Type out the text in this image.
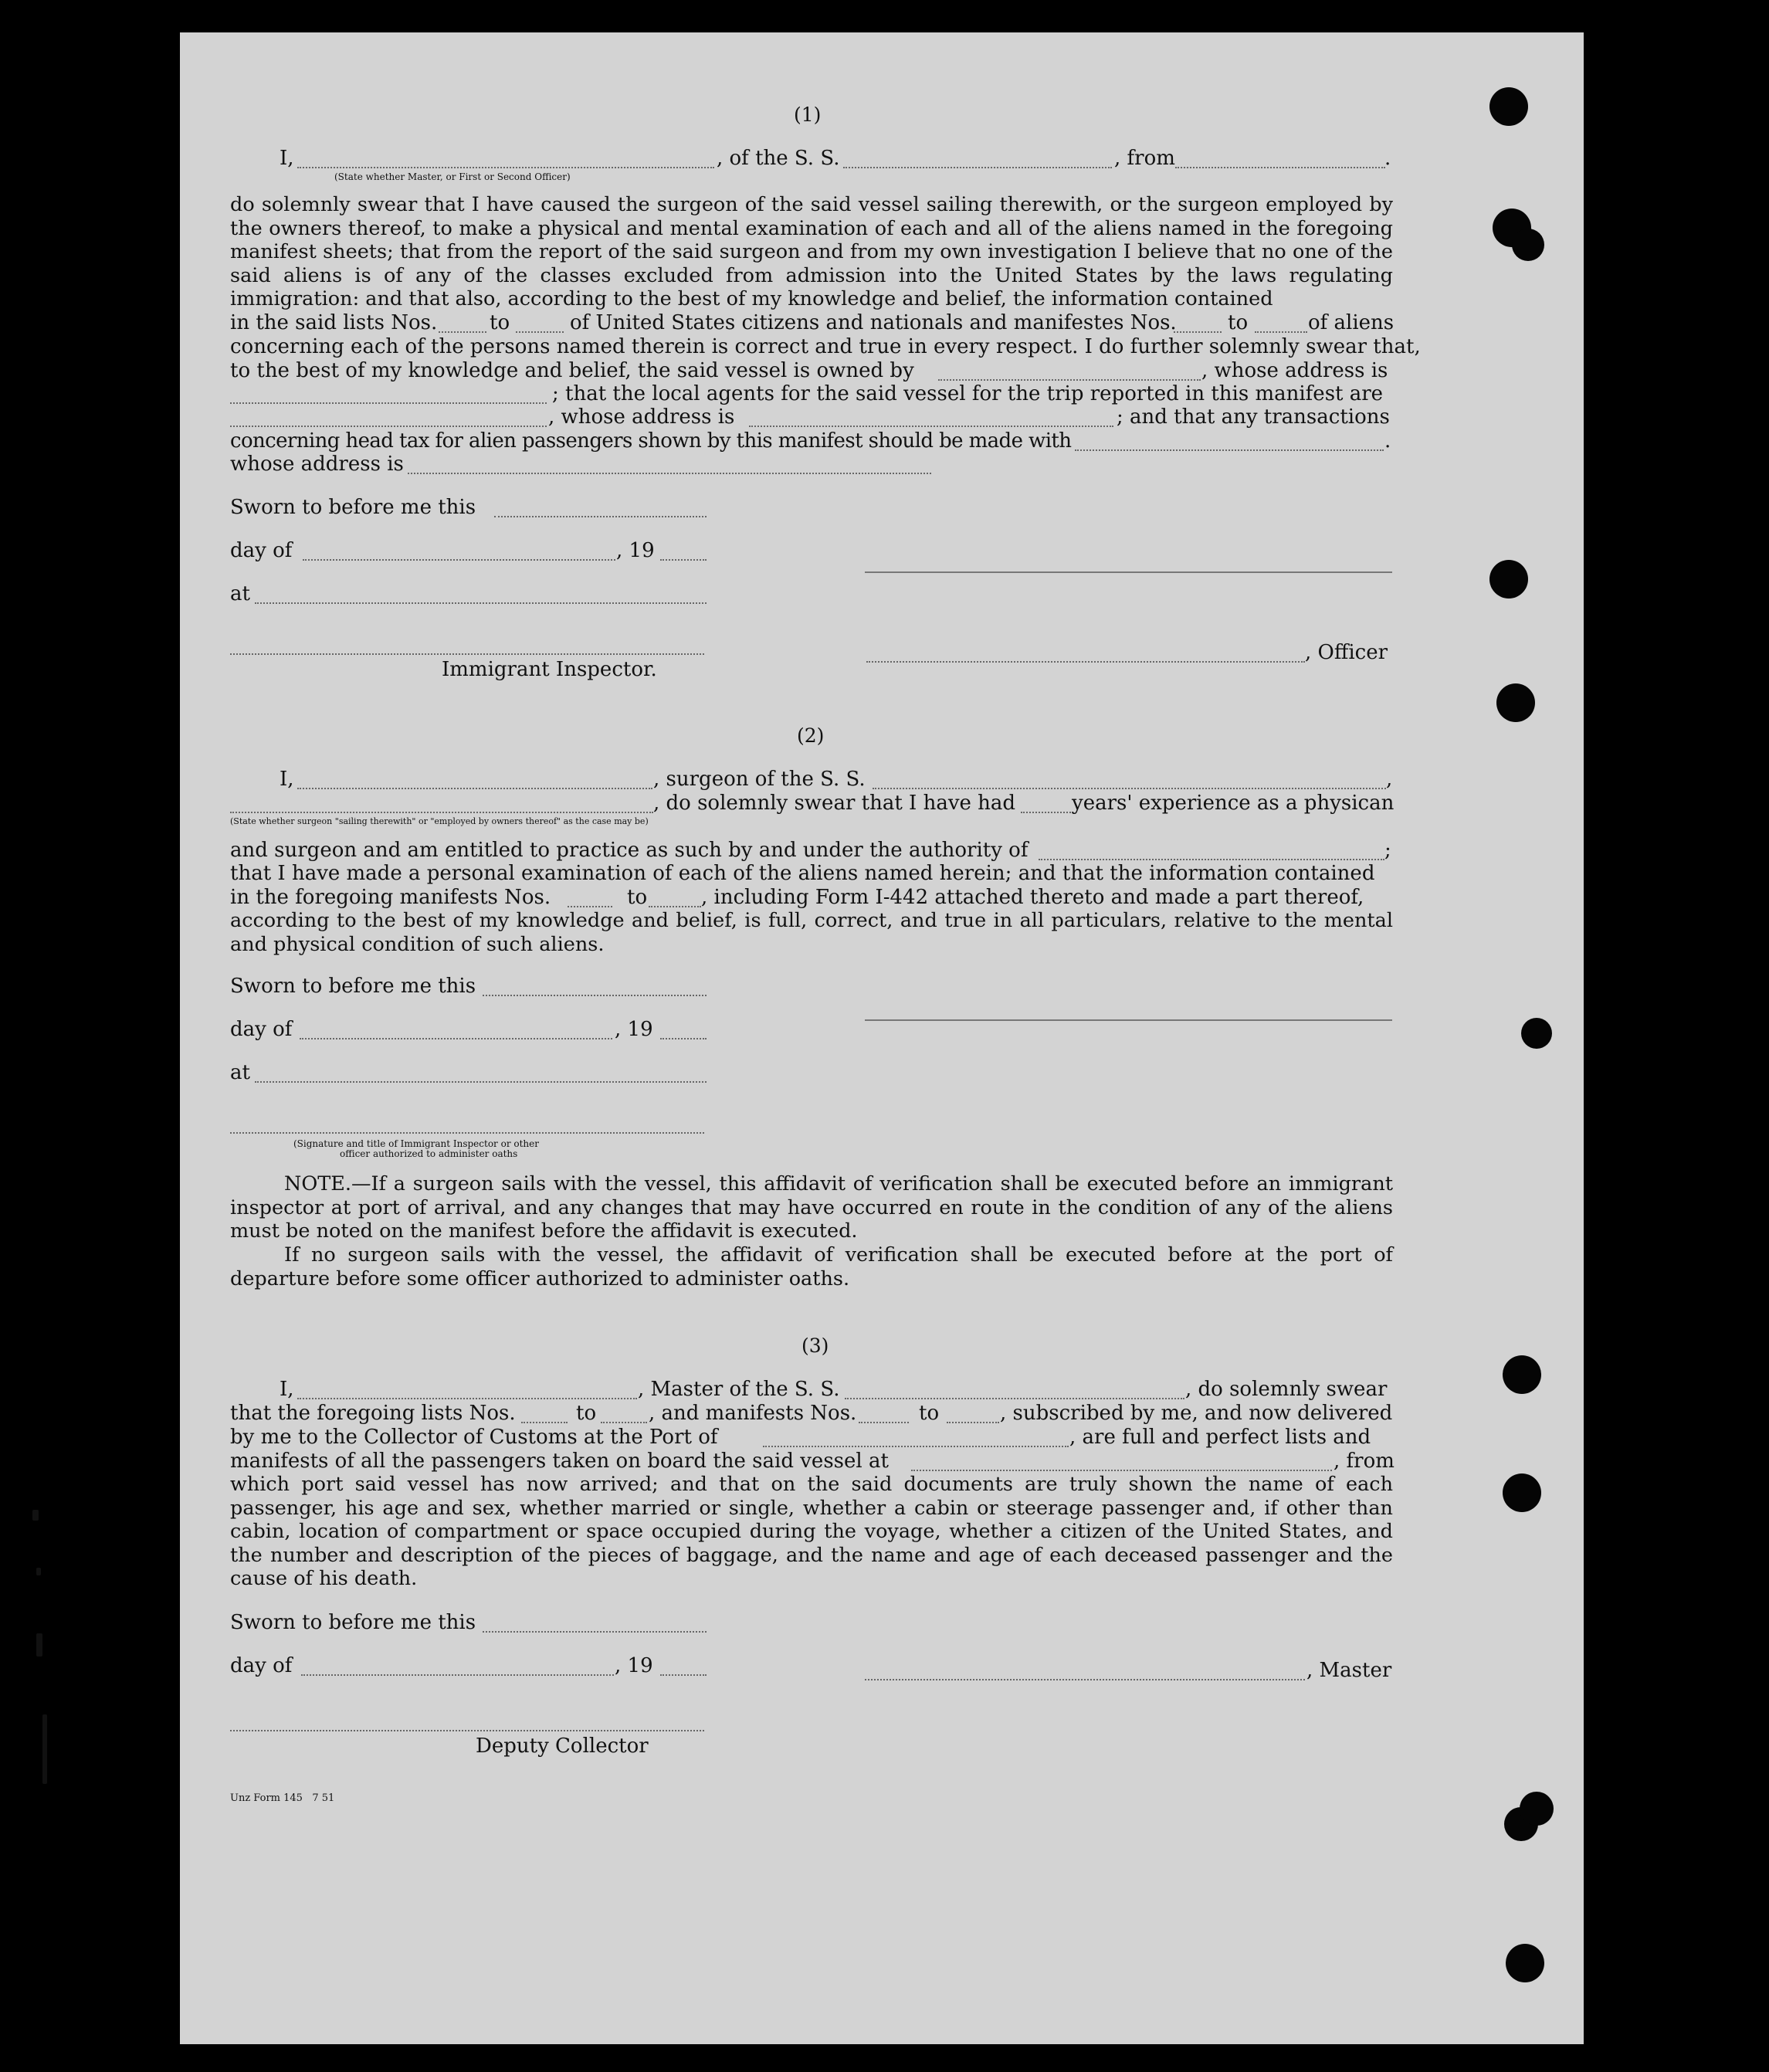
(1)
I,	, of the S. S.	, from	.
(State whether Master, or First or Second Officer)
do solemnly swear that I have caused the surgeon of the said vessel sailing therewith, or the surgeon employed by the owners thereof, to make a physical and mental examination of each and all of the aliens named in the foregoing manifest sheets; that from the report of the said surgeon and from my own investigation I believe that no one of the said aliens is of any of the classes excluded from admission into the United States by the laws regulating immigration: and that also, according to the best of my knowledge and belief, the information contained
in the said lists Nos.	to	of United States citizens and nationals and manifestes Nos.	to	of aliens
concerning each of the persons named therein is correct and true in every respect. I do further solemnly swear that,
to the best of my knowledge and belief, the said vessel is owned by	, whose address is
; that the local agents for the said vessel for the trip reported in this manifest are
, whose address is	; and that any transactions
concerning head tax for alien passengers shown by this manifest should be made with	.
whose address is
Sworn to before me this
day of	, 19
at
, Officer
Immigrant Inspector.
(2)
I,	, surgeon of the S. S.	,
, do solemnly swear that I have had	years' experience as a physican
(State whether surgeon "sailing therewith" or "employed by owners thereof" as the case may be)
and surgeon and am entitled to practice as such by and under the authority of	;
that I have made a personal examination of each of the aliens named herein; and that the information contained
in the foregoing manifests Nos.	to	, including Form I-442 attached thereto and made a part thereof,
according to the best of my knowledge and belief, is full, correct, and true in all particulars, relative to the mental and physical condition of such aliens.
Sworn to before me this
day of	, 19
at
(Signature and title of Immigrant Inspector or other
officer authorized to administer oaths
NOTE.—If a surgeon sails with the vessel, this affidavit of verification shall be executed before an immigrant inspector at port of arrival, and any changes that may have occurred en route in the condition of any of the aliens must be noted on the manifest before the affidavit is executed.
If no surgeon sails with the vessel, the affidavit of verification shall be executed before at the port of departure before some officer authorized to administer oaths.
(3)
I,	, Master of the S. S.	, do solemnly swear
that the foregoing lists Nos.	to	, and manifests Nos.	to	, subscribed by me, and now delivered
by me to the Collector of Customs at the Port of	, are full and perfect lists and
manifests of all the passengers taken on board the said vessel at	, from
which port said vessel has now arrived; and that on the said documents are truly shown the name of each passenger, his age and sex, whether married or single, whether a cabin or steerage passenger and, if other than cabin, location of compartment or space occupied during the voyage, whether a citizen of the United States, and the number and description of the pieces of baggage, and the name and age of each deceased passenger and the cause of his death.
Sworn to before me this
day of	, 19	, Master
Deputy Collector
Unz Form 145   7 51
